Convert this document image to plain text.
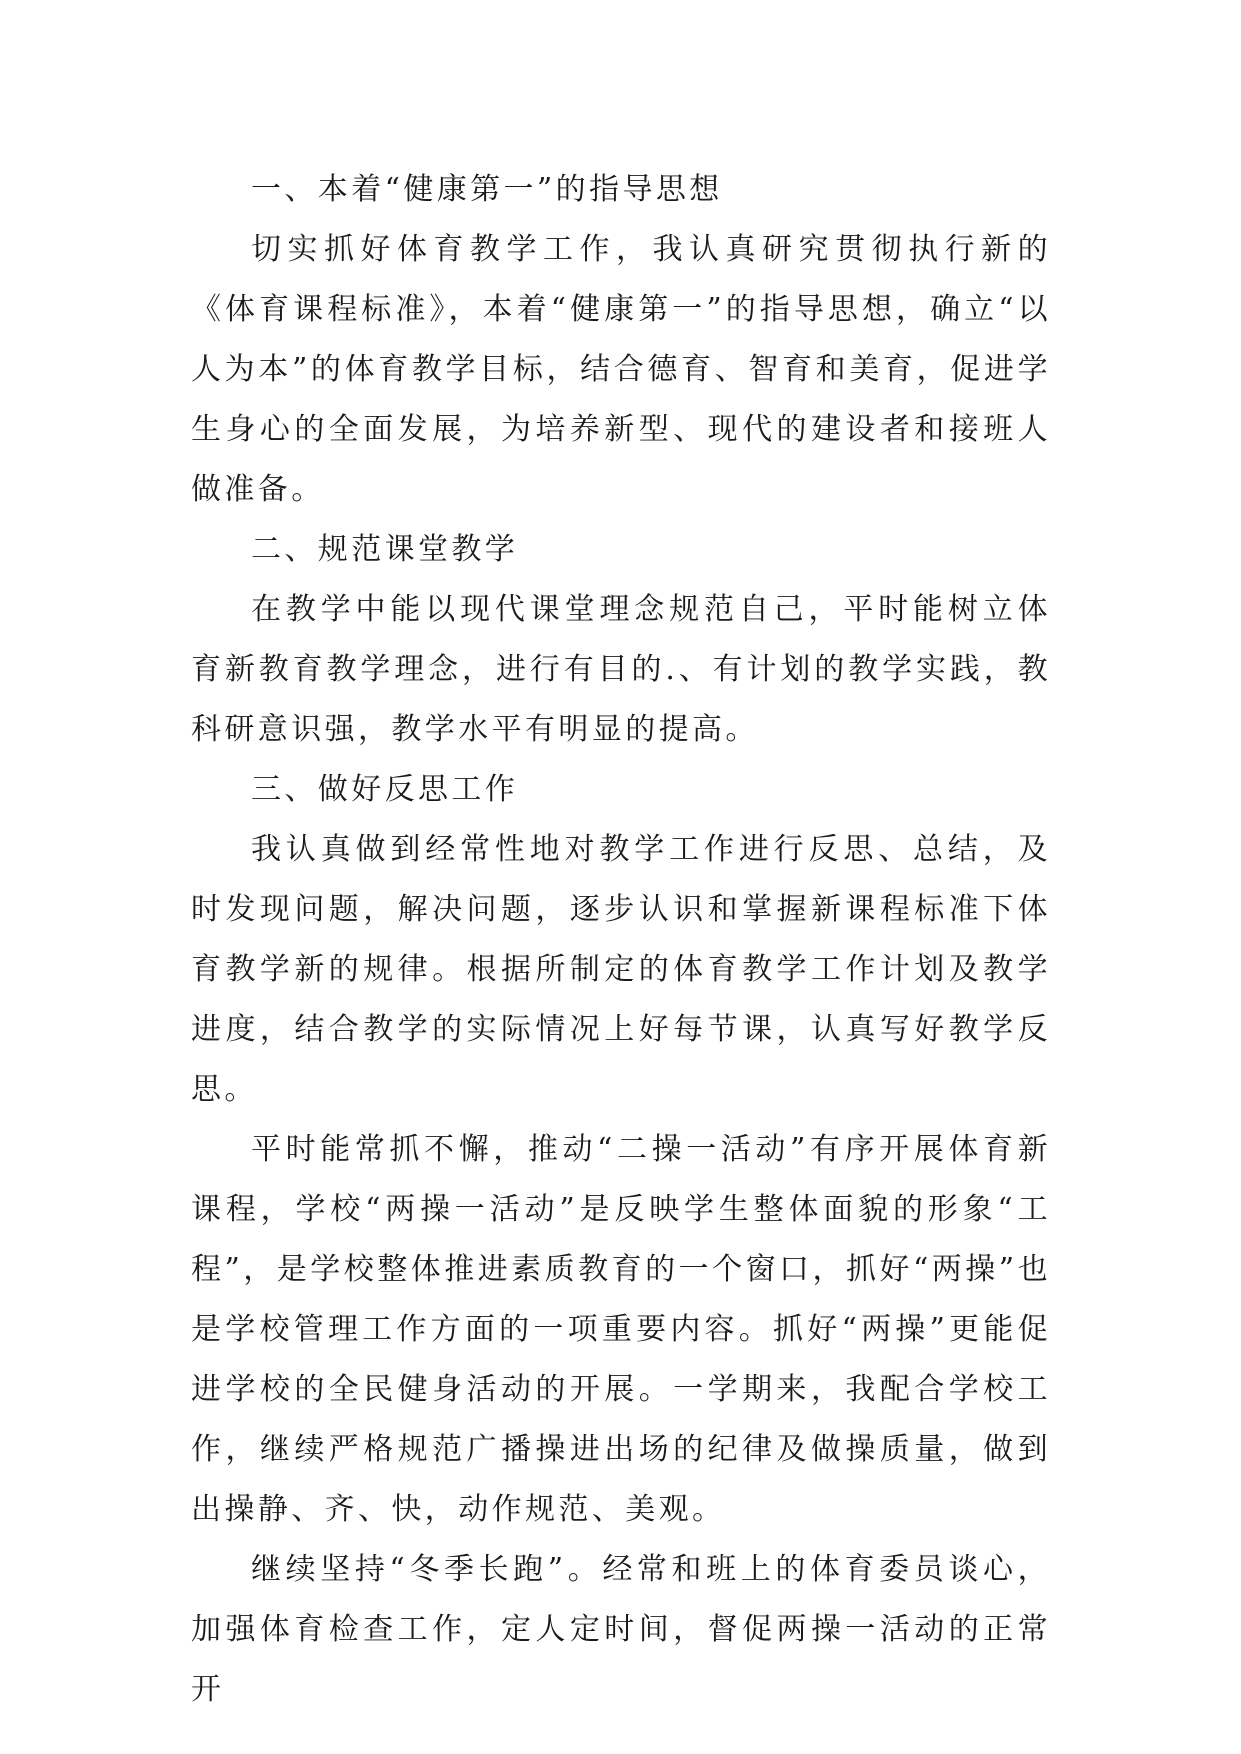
一、本着“健康第一”的指导思想

切实抓好体育教学工作，我认真研究贯彻执行新的《体育课程标准》，本着“健康第一”的指导思想，确立“以人为本”的体育教学目标，结合德育、智育和美育，促进学生身心的全面发展，为培养新型、现代的建设者和接班人做准备。

二、规范课堂教学

在教学中能以现代课堂理念规范自己，平时能树立体育新教育教学理念，进行有目的.、有计划的教学实践，教科研意识强，教学水平有明显的提高。

三、做好反思工作

我认真做到经常性地对教学工作进行反思、总结，及时发现问题，解决问题，逐步认识和掌握新课程标准下体育教学新的规律。根据所制定的体育教学工作计划及教学进度，结合教学的实际情况上好每节课，认真写好教学反思。

平时能常抓不懈，推动“二操一活动”有序开展体育新课程，学校“两操一活动”是反映学生整体面貌的形象“工程”，是学校整体推进素质教育的一个窗口，抓好“两操”也是学校管理工作方面的一项重要内容。抓好“两操”更能促进学校的全民健身活动的开展。一学期来，我配合学校工作，继续严格规范广播操进出场的纪律及做操质量，做到出操静、齐、快，动作规范、美观。

继续坚持“冬季长跑”。经常和班上的体育委员谈心，加强体育检查工作，定人定时间，督促两操一活动的正常开
